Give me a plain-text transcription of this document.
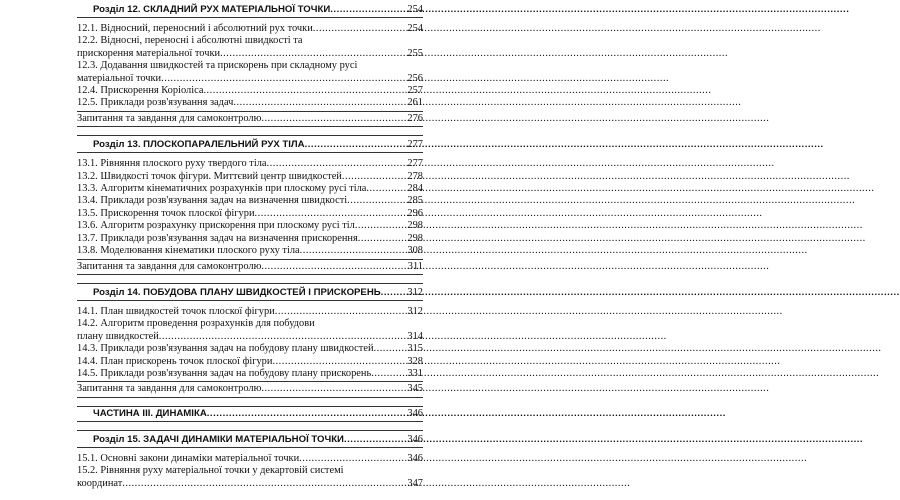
Розділ 12. СКЛАДНИЙ РУХ МАТЕРІАЛЬНОЇ ТОЧКИ .....	254
12.1. Відносний, переносний і абсолютний рух точки .....	254
12.2. Відносні, переносні і абсолютні швидкості та
прискорення матеріальної точки .....	255
12.3. Додавання швидкостей та прискорень при складному русі
матеріальної точки .....	256
12.4. Прискорення Коріоліса .....	257
12.5. Приклади розв'язування задач .....	261
Запитання та завдання для самоконтролю .....	276
Розділ 13. ПЛОСКОПАРАЛЕЛЬНИЙ РУХ ТІЛА .....	277
13.1. Рівняння плоского руху твердого тіла .....	277
13.2. Швидкості точок фігури. Миттєвий центр швидкостей .....	278
13.3. Алгоритм кінематичних розрахунків при плоскому русі тіла .....	284
13.4. Приклади розв'язування задач на визначення швидкості .....	285
13.5. Прискорення точок плоскої фігури .....	296
13.6. Алгоритм розрахунку прискорення при плоскому русі тіл .....	298
13.7. Приклади розв'язування задач на визначення прискорення .....	298
13.8. Моделювання кінематики плоского руху тіла .....	308
Запитання та завдання для самоконтролю .....	311
Розділ 14. ПОБУДОВА ПЛАНУ ШВИДКОСТЕЙ І ПРИСКОРЕНЬ .....	312
14.1. План швидкостей точок плоскої фігури .....	312
14.2. Алгоритм проведення розрахунків для побудови
плану швидкостей .....	314
14.3. Приклади розв'язування задач на побудову плану швидкостей .....	315
14.4. План прискорень точок плоскої фігури .....	328
14.5. Приклади розв'язування задач на побудову плану прискорень .....	331
Запитання та завдання для самоконтролю .....	345
ЧАСТИНА ІІІ. ДИНАМІКА .....	346
Розділ 15. ЗАДАЧІ ДИНАМІКИ МАТЕРІАЛЬНОЇ ТОЧКИ .....	346
15.1. Основні закони динаміки матеріальної точки .....	346
15.2. Рівняння руху матеріальної точки у декартовій системі
координат .....	347
